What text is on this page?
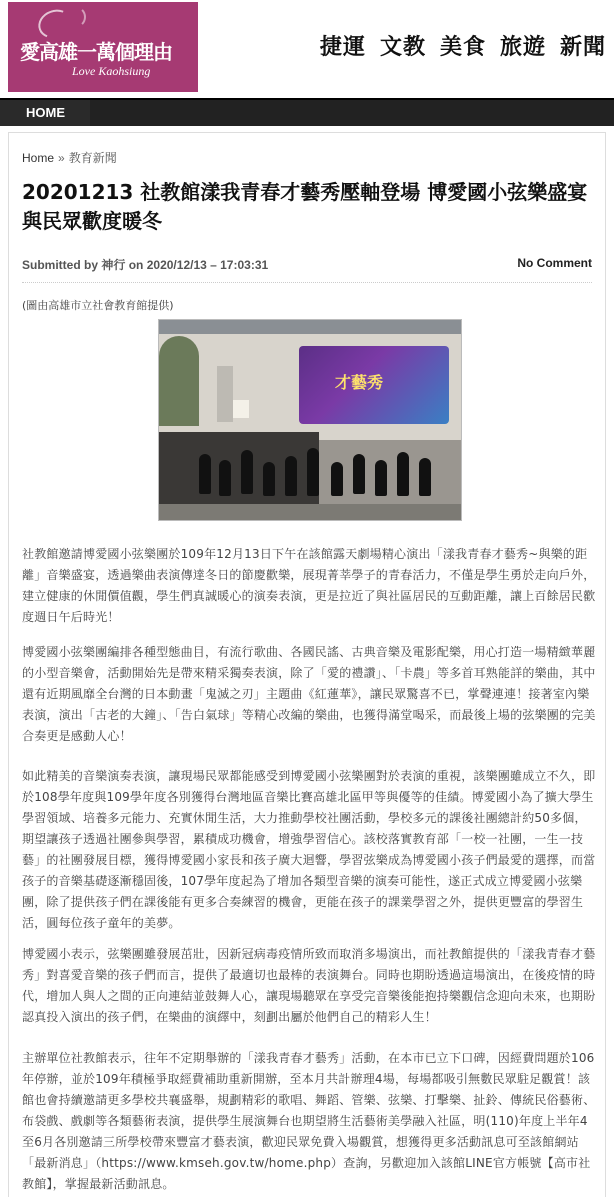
愛高雄一萬個理由
Love Kaohsiung
捷運 文教 美食 旅遊 新聞
HOME
Home » 教育新聞
20201213 社教館漾我青春才藝秀壓軸登場 博愛國小弦樂盛宴與民眾歡度暖冬
Submitted by 神行 on 2020/12/13 – 17:03:31	No Comment
(圖由高雄市立社會教育館提供)
才藝秀
社教館邀請博愛國小弦樂團於109年12月13日下午在該館露天劇場精心演出「漾我青春才藝秀~與樂的距離」音樂盛宴，透過樂曲表演傳達冬日的節慶歡樂，展現菁莘學子的青春活力，不僅是學生勇於走向戶外，建立健康的休閒價值觀，學生們真誠暖心的演奏表演，更是拉近了與社區居民的互動距離，讓上百餘居民歡度週日午后時光！
博愛國小弦樂團編排各種型態曲目，有流行歌曲、各國民謠、古典音樂及電影配樂，用心打造一場精緻華麗的小型音樂會，活動開始先是帶來精采獨奏表演，除了「愛的禮讚」、「卡農」等多首耳熟能詳的樂曲，其中還有近期風靡全台灣的日本動畫「鬼滅之刃」主題曲《紅蓮華》，讓民眾驚喜不已，掌聲連連！接著室內樂表演，演出「古老的大鐘」、「告白氣球」等精心改編的樂曲，也獲得滿堂喝采，而最後上場的弦樂團的完美合奏更是感動人心！
如此精美的音樂演奏表演，讓現場民眾都能感受到博愛國小弦樂團對於表演的重視，該樂團雖成立不久，即於108學年度與109學年度各別獲得台灣地區音樂比賽高雄北區甲等與優等的佳績。博愛國小為了擴大學生學習領域、培養多元能力、充實休閒生活，大力推動學校社團活動，學校多元的課後社團總計約50多個，期望讓孩子透過社團參與學習，累積成功機會，增強學習信心。該校落實教育部「一校一社團，一生一技藝」的社團發展目標，獲得博愛國小家長和孩子廣大迴響，學習弦樂成為博愛國小孩子們最愛的選擇，而當孩子的音樂基礎逐漸穩固後，107學年度起為了增加各類型音樂的演奏可能性，遂正式成立博愛國小弦樂團，除了提供孩子們在課後能有更多合奏練習的機會，更能在孩子的課業學習之外，提供更豐富的學習生活，圓每位孩子童年的美夢。
博愛國小表示，弦樂團雖發展茁壯，因新冠病毒疫情所致而取消多場演出，而社教館提供的「漾我青春才藝秀」對喜愛音樂的孩子們而言，提供了最適切也最棒的表演舞台。同時也期盼透過這場演出，在後疫情的時代，增加人與人之間的正向連結並鼓舞人心，讓現場聽眾在享受完音樂後能抱持樂觀信念迎向未來，也期盼認真投入演出的孩子們，在樂曲的演繹中，刻劃出屬於他們自己的精彩人生！
主辦單位社教館表示，往年不定期舉辦的「漾我青春才藝秀」活動，在本市已立下口碑，因經費問題於106年停辦，並於109年積極爭取經費補助重新開辦，至本月共計辦理4場，每場都吸引無數民眾駐足觀賞！該館也會持續邀請更多學校共襄盛舉，規劃精彩的歌唱、舞蹈、管樂、弦樂、打擊樂、扯鈴、傳統民俗藝術、布袋戲、戲劇等各類藝術表演，提供學生展演舞台也期望將生活藝術美學融入社區，明(110)年度上半年4至6月各別邀請三所學校帶來豐富才藝表演，歡迎民眾免費入場觀賞，想獲得更多活動訊息可至該館網站「最新消息」（https://www.kmseh.gov.tw/home.php）查詢，另歡迎加入該館LINE官方帳號【高市社教館】，掌握最新活動訊息。
